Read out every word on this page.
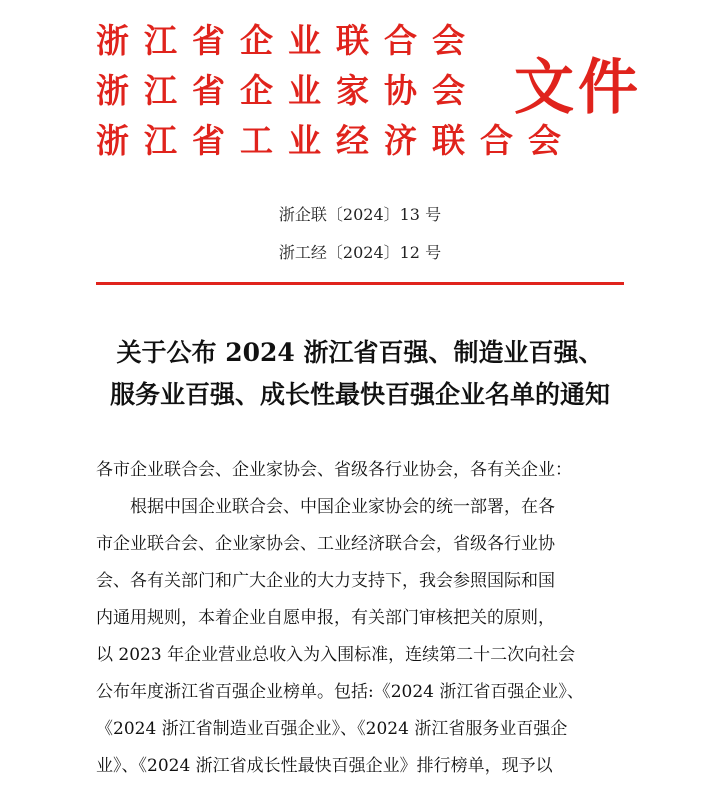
浙江省企业联合会
浙江省企业家协会
浙江省工业经济联合会
文件
浙企联〔2024〕13 号
浙工经〔2024〕12 号
关于公布 2024 浙江省百强、制造业百强、
服务业百强、成长性最快百强企业名单的通知

各市企业联合会、企业家协会、省级各行业协会，各有关企业：

　　根据中国企业联合会、中国企业家协会的统一部署，在各

市企业联合会、企业家协会、工业经济联合会，省级各行业协

会、各有关部门和广大企业的大力支持下，我会参照国际和国

内通用规则，本着企业自愿申报，有关部门审核把关的原则，

以 2023 年企业营业总收入为入围标准，连续第二十二次向社会

公布年度浙江省百强企业榜单。包括:《2024 浙江省百强企业》、

《2024 浙江省制造业百强企业》、《2024 浙江省服务业百强企

业》、《2024 浙江省成长性最快百强企业》排行榜单，现予以
